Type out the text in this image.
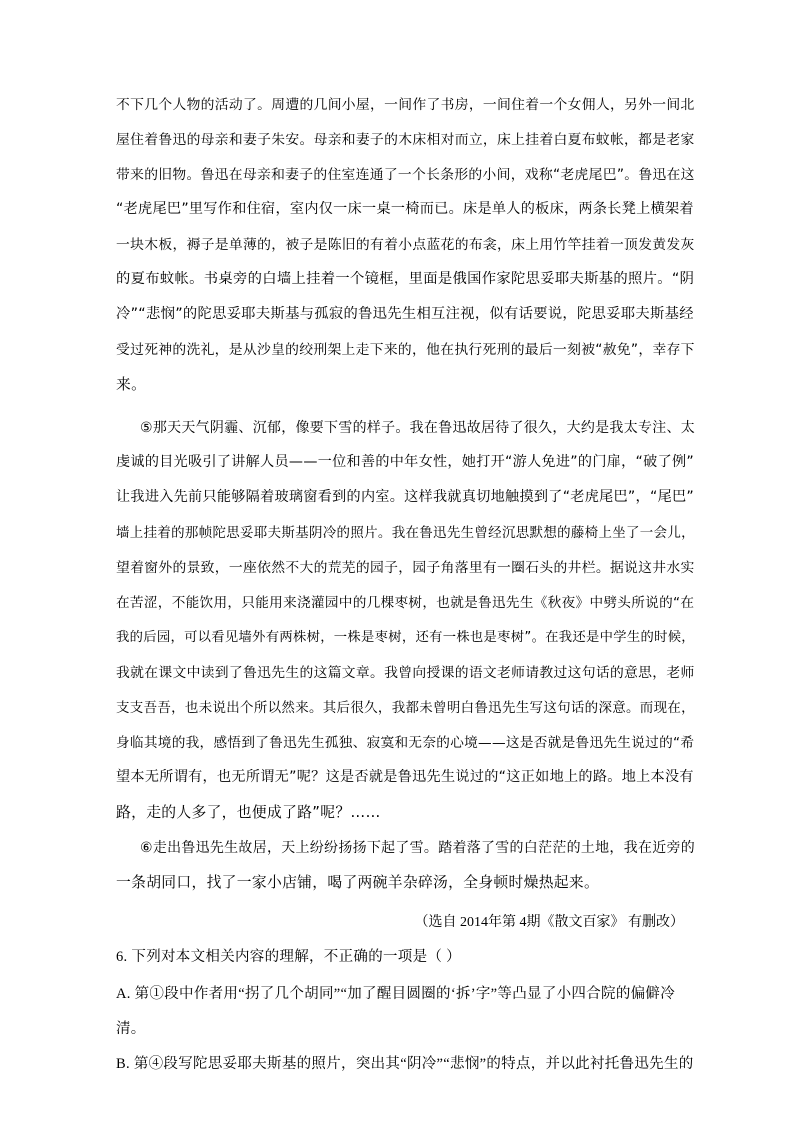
不下几个人物的活动了。周遭的几间小屋，一间作了书房，一间住着一个女佣人，另外一间北
屋住着鲁迅的母亲和妻子朱安。母亲和妻子的木床相对而立，床上挂着白夏布蚊帐，都是老家
带来的旧物。鲁迅在母亲和妻子的住室连通了一个长条形的小间，戏称“老虎尾巴”。鲁迅在这
“老虎尾巴”里写作和住宿，室内仅一床一桌一椅而已。床是单人的板床，两条长凳上横架着
一块木板，褥子是单薄的，被子是陈旧的有着小点蓝花的布衾，床上用竹竿挂着一顶发黄发灰
的夏布蚊帐。书桌旁的白墙上挂着一个镜框，里面是俄国作家陀思妥耶夫斯基的照片。“阴
冷”“悲悯”的陀思妥耶夫斯基与孤寂的鲁迅先生相互注视，似有话要说，陀思妥耶夫斯基经
受过死神的洗礼，是从沙皇的绞刑架上走下来的，他在执行死刑的最后一刻被“赦免”，幸存下
来。
⑤那天天气阴霾、沉郁，像要下雪的样子。我在鲁迅故居待了很久，大约是我太专注、太
虔诚的目光吸引了讲解人员——一位和善的中年女性，她打开“游人免进”的门扉，“破了例”
让我进入先前只能够隔着玻璃窗看到的内室。这样我就真切地触摸到了“老虎尾巴”，“尾巴”
墙上挂着的那帧陀思妥耶夫斯基阴冷的照片。我在鲁迅先生曾经沉思默想的藤椅上坐了一会儿，
望着窗外的景致，一座依然不大的荒芜的园子，园子角落里有一圈石头的井栏。据说这井水实
在苦涩，不能饮用，只能用来浇灌园中的几棵枣树，也就是鲁迅先生《秋夜》中劈头所说的“在
我的后园，可以看见墙外有两株树，一株是枣树，还有一株也是枣树”。在我还是中学生的时候，
我就在课文中读到了鲁迅先生的这篇文章。我曾向授课的语文老师请教过这句话的意思，老师
支支吾吾，也未说出个所以然来。其后很久，我都未曾明白鲁迅先生写这句话的深意。而现在，
身临其境的我，感悟到了鲁迅先生孤独、寂寞和无奈的心境——这是否就是鲁迅先生说过的“希
望本无所谓有，也无所谓无”呢？这是否就是鲁迅先生说过的“这正如地上的路。地上本没有
路，走的人多了，也便成了路”呢？……
⑥走出鲁迅先生故居，天上纷纷扬扬下起了雪。踏着落了雪的白茫茫的土地，我在近旁的
一条胡同口，找了一家小店铺，喝了两碗羊杂碎汤，全身顿时燥热起来。
（选自 2014年第 4期《散文百家》 有删改）
6. 下列对本文相关内容的理解，不正确的一项是（ ）
A. 第①段中作者用“拐了几个胡同”“加了醒目圆圈的‘拆’字”等凸显了小四合院的偏僻冷
清。
B. 第④段写陀思妥耶夫斯基的照片，突出其“阴冷”“悲悯”的特点，并以此衬托鲁迅先生的
